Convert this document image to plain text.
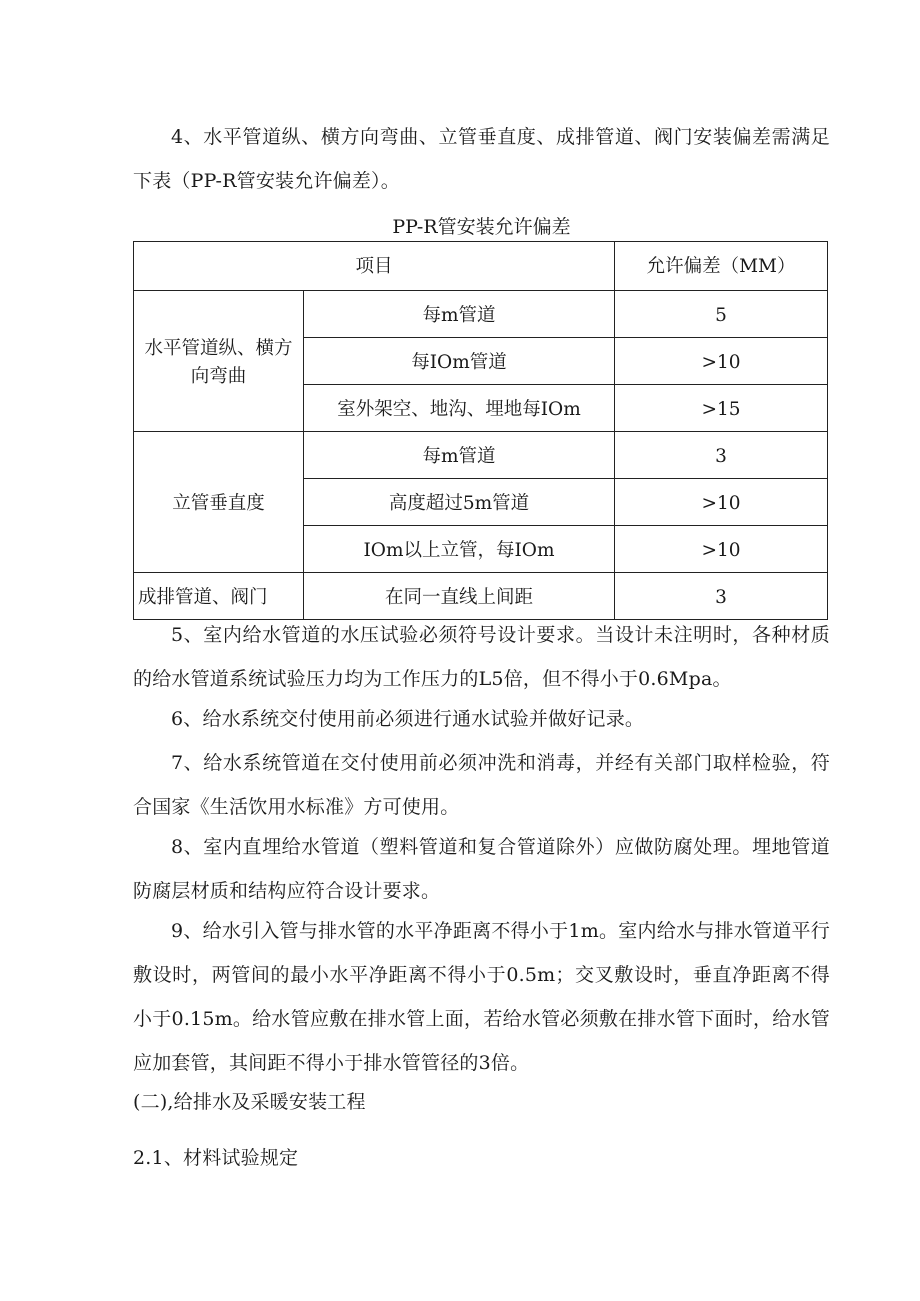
4、水平管道纵、横方向弯曲、立管垂直度、成排管道、阀门安装偏差需满足下表（PP-R管安装允许偏差）。

PP-R管安装允许偏差

项目		允许偏差（MM）
水平管道纵、横方向弯曲	每m管道	5
	每IOm管道	>10
	室外架空、地沟、埋地每IOm	>15
立管垂直度	每m管道	3
	高度超过5m管道	>10
	IOm以上立管，每IOm	>10
成排管道、阀门	在同一直线上间距	3

5、室内给水管道的水压试验必须符号设计要求。当设计未注明时，各种材质的给水管道系统试验压力均为工作压力的L5倍，但不得小于0.6Mpa。

6、给水系统交付使用前必须进行通水试验并做好记录。

7、给水系统管道在交付使用前必须冲洗和消毒，并经有关部门取样检验，符合国家《生活饮用水标准》方可使用。

8、室内直埋给水管道（塑料管道和复合管道除外）应做防腐处理。埋地管道防腐层材质和结构应符合设计要求。

9、给水引入管与排水管的水平净距离不得小于1m。室内给水与排水管道平行敷设时，两管间的最小水平净距离不得小于0.5m；交叉敷设时，垂直净距离不得小于0.15m。给水管应敷在排水管上面，若给水管必须敷在排水管下面时，给水管应加套管，其间距不得小于排水管管径的3倍。

(二),给排水及采暖安装工程

2.1、材料试验规定
